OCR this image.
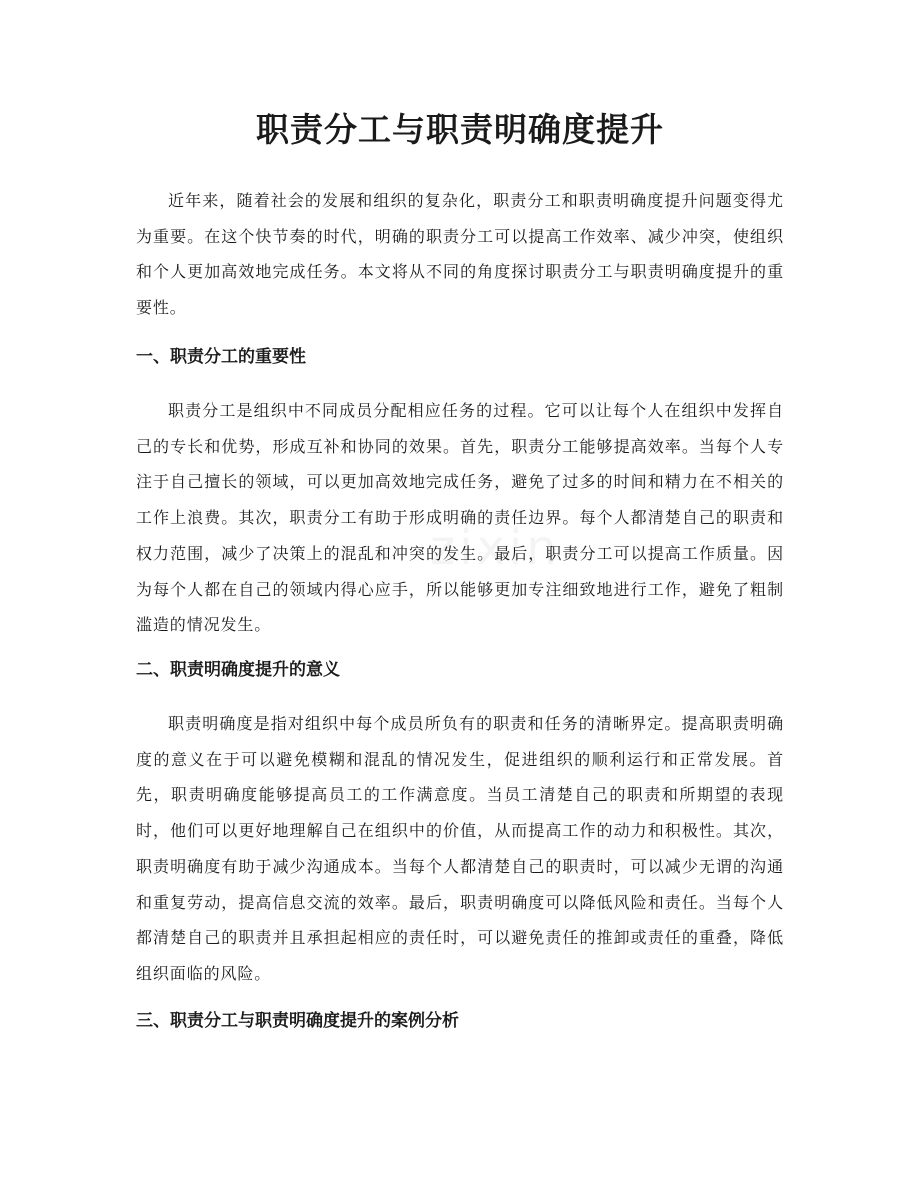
职责分工与职责明确度提升

近年来，随着社会的发展和组织的复杂化，职责分工和职责明确度提升问题变得尤为重要。在这个快节奏的时代，明确的职责分工可以提高工作效率、减少冲突，使组织和个人更加高效地完成任务。本文将从不同的角度探讨职责分工与职责明确度提升的重要性。

一、职责分工的重要性

职责分工是组织中不同成员分配相应任务的过程。它可以让每个人在组织中发挥自己的专长和优势，形成互补和协同的效果。首先，职责分工能够提高效率。当每个人专注于自己擅长的领域，可以更加高效地完成任务，避免了过多的时间和精力在不相关的工作上浪费。其次，职责分工有助于形成明确的责任边界。每个人都清楚自己的职责和权力范围，减少了决策上的混乱和冲突的发生。最后，职责分工可以提高工作质量。因为每个人都在自己的领域内得心应手，所以能够更加专注细致地进行工作，避免了粗制滥造的情况发生。

二、职责明确度提升的意义

职责明确度是指对组织中每个成员所负有的职责和任务的清晰界定。提高职责明确度的意义在于可以避免模糊和混乱的情况发生，促进组织的顺利运行和正常发展。首先，职责明确度能够提高员工的工作满意度。当员工清楚自己的职责和所期望的表现时，他们可以更好地理解自己在组织中的价值，从而提高工作的动力和积极性。其次，职责明确度有助于减少沟通成本。当每个人都清楚自己的职责时，可以减少无谓的沟通和重复劳动，提高信息交流的效率。最后，职责明确度可以降低风险和责任。当每个人都清楚自己的职责并且承担起相应的责任时，可以避免责任的推卸或责任的重叠，降低组织面临的风险。

三、职责分工与职责明确度提升的案例分析
